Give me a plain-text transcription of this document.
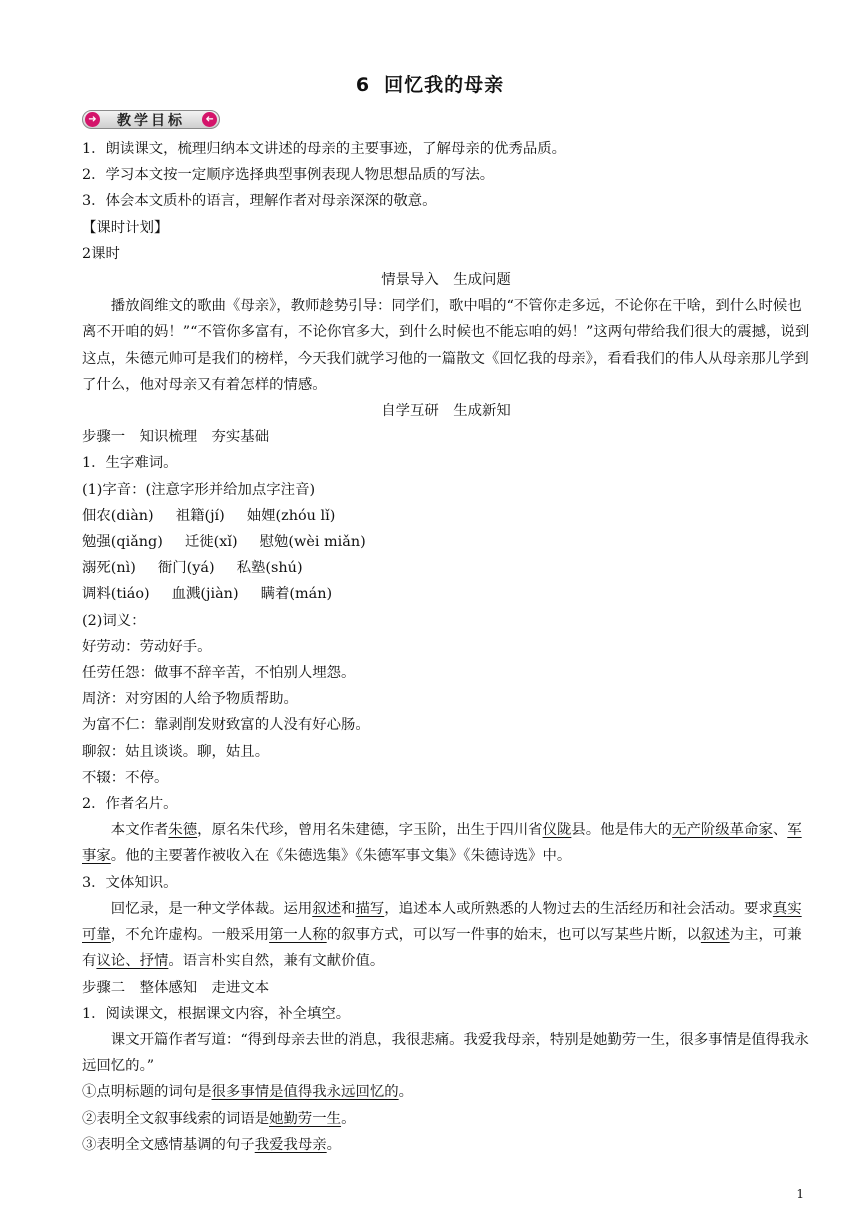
6 回忆我的母亲
➜	教学目标	➜

1．朗读课文，梳理归纳本文讲述的母亲的主要事迹，了解母亲的优秀品质。

2．学习本文按一定顺序选择典型事例表现人物思想品质的写法。

3．体会本文质朴的语言，理解作者对母亲深深的敬意。

【课时计划】

2课时

情景导入　生成问题

播放阎维文的歌曲《母亲》，教师趁势引导：同学们，歌中唱的“不管你走多远，不论你在干啥，到什么时候也离不开咱的妈！”“不管你多富有，不论你官多大，到什么时候也不能忘咱的妈！”这两句带给我们很大的震撼，说到这点，朱德元帅可是我们的榜样，今天我们就学习他的一篇散文《回忆我的母亲》，看看我们的伟人从母亲那儿学到了什么，他对母亲又有着怎样的情感。

自学互研　生成新知

步骤一　知识梳理　夯实基础

1．生字难词。

(1)字音：(注意字形并给加点字注音)

佃农(diàn) 祖籍(jí) 妯娌(zhóu lǐ)
勉强(qiǎng) 迁徙(xǐ) 慰勉(wèi miǎn)
溺死(nì) 衙门(yá) 私塾(shú)
调料(tiáo) 血溅(jiàn) 瞒着(mán)

(2)词义：

好劳动：劳动好手。

任劳任怨：做事不辞辛苦，不怕别人埋怨。

周济：对穷困的人给予物质帮助。

为富不仁：靠剥削发财致富的人没有好心肠。

聊叙：姑且谈谈。聊，姑且。

不辍：不停。

2．作者名片。

本文作者朱德，原名朱代珍，曾用名朱建德，字玉阶，出生于四川省仪陇县。他是伟大的无产阶级革命家、军事家。他的主要著作被收入在《朱德选集》《朱德军事文集》《朱德诗选》中。

3．文体知识。

回忆录，是一种文学体裁。运用叙述和描写，追述本人或所熟悉的人物过去的生活经历和社会活动。要求真实可靠，不允许虚构。一般采用第一人称的叙事方式，可以写一件事的始末，也可以写某些片断，以叙述为主，可兼有议论、抒情。语言朴实自然，兼有文献价值。

步骤二　整体感知　走进文本

1．阅读课文，根据课文内容，补全填空。

课文开篇作者写道：“得到母亲去世的消息，我很悲痛。我爱我母亲，特别是她勤劳一生，很多事情是值得我永远回忆的。”

①点明标题的词句是很多事情是值得我永远回忆的。

②表明全文叙事线索的词语是她勤劳一生。

③表明全文感情基调的句子我爱我母亲。

1
